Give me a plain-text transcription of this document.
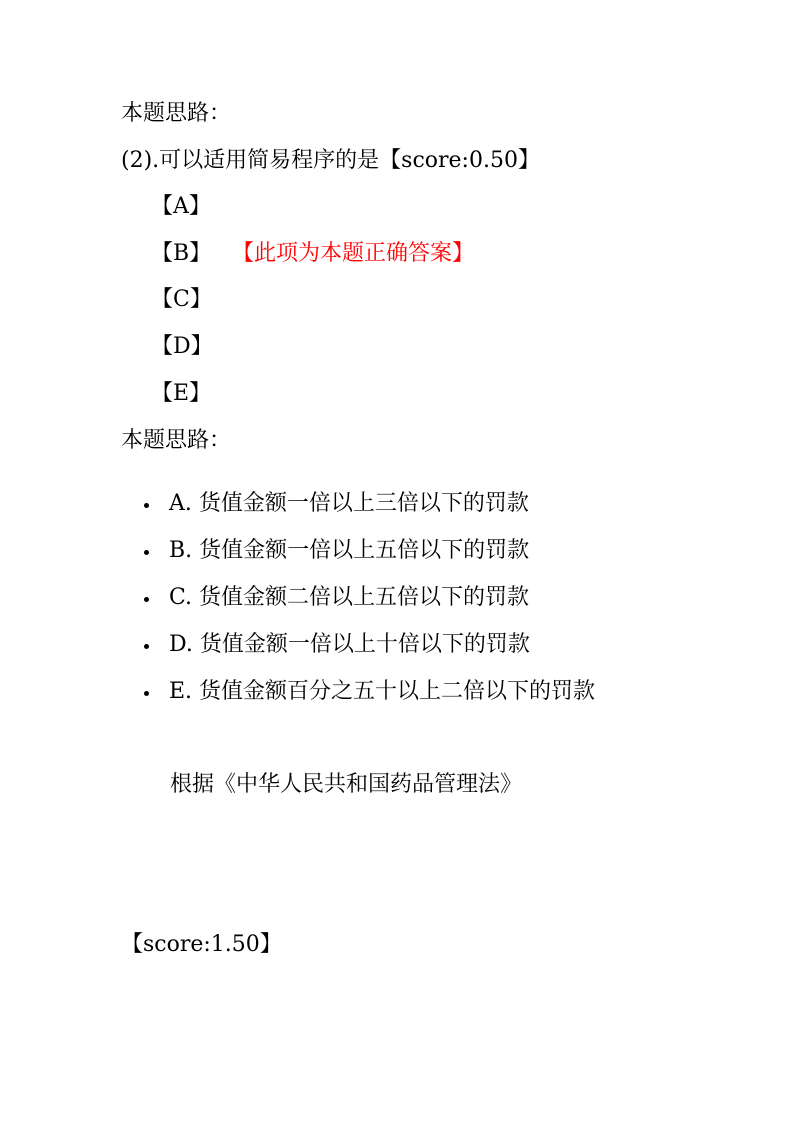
本题思路：
(2).可以适用简易程序的是【score:0.50】
【A】
【B】 【此项为本题正确答案】
【C】
【D】
【E】
本题思路：
A. 货值金额一倍以上三倍以下的罚款
B. 货值金额一倍以上五倍以下的罚款
C. 货值金额二倍以上五倍以下的罚款
D. 货值金额一倍以上十倍以下的罚款
E. 货值金额百分之五十以上二倍以下的罚款
根据《中华人民共和国药品管理法》
【score:1.50】
